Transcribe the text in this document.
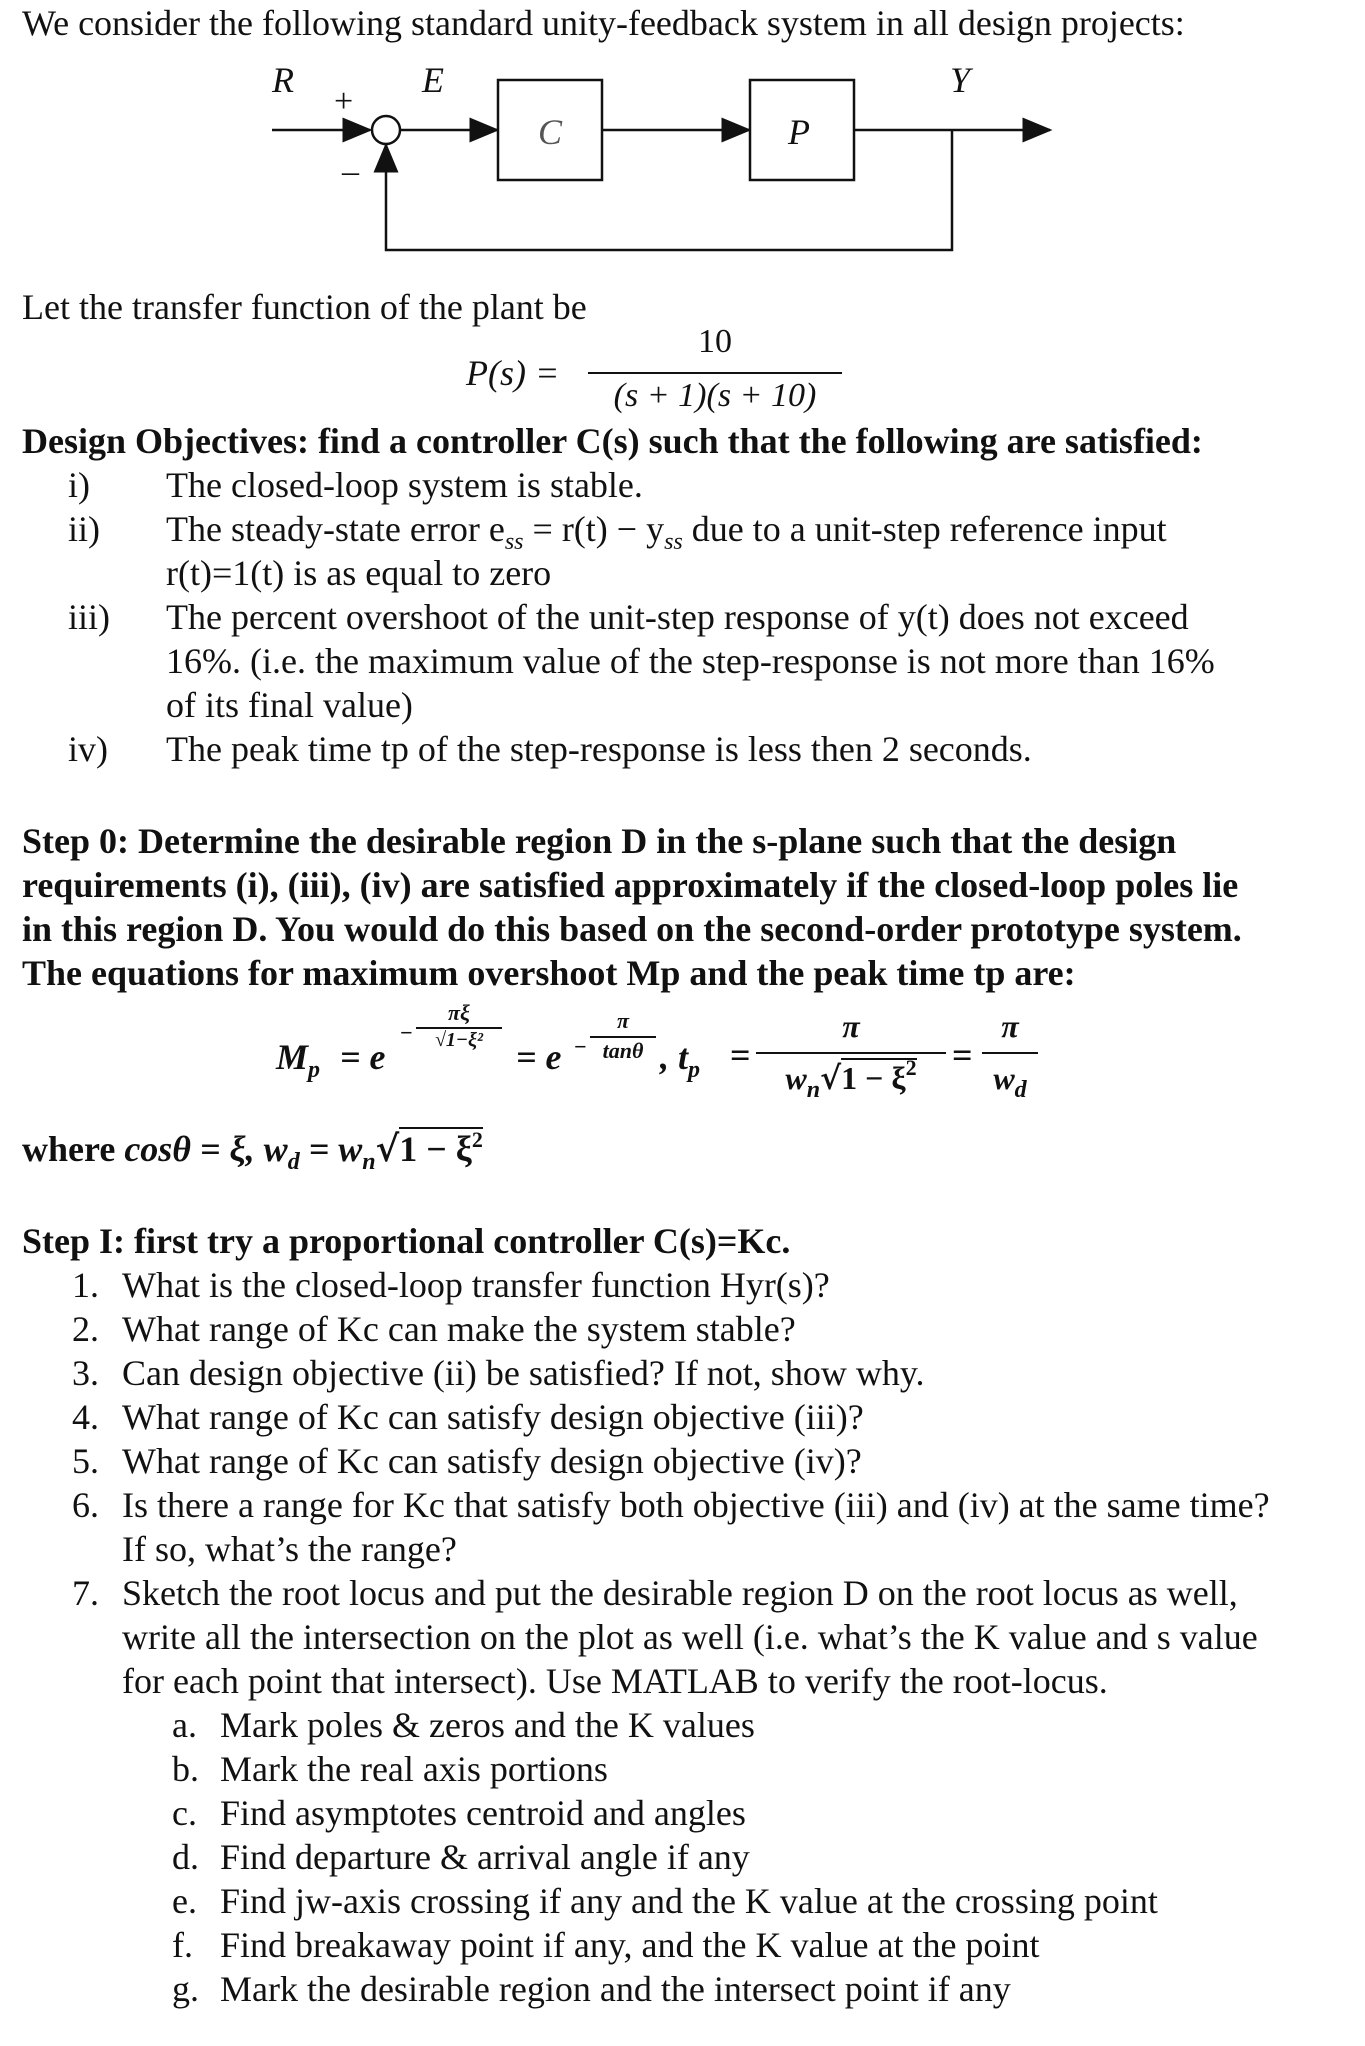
We consider the following standard unity-feedback system in all design projects:
R	E	Y
+
–
C	P
Let the transfer function of the plant be
P(s) =
10
(s + 1)(s + 10)
Design Objectives: find a controller C(s) such that the following are satisfied:
i) The closed-loop system is stable.
ii) The steady-state error $e_{ss} = r(t) - y_{ss}$ due to a unit-step reference input
r(t)=1(t) is as equal to zero
iii) The percent overshoot of the unit-step response of y(t) does not exceed
16%. (i.e. the maximum value of the step-response is not more than 16%
of its final value)
iv) The peak time tp of the step-response is less then 2 seconds.
Step 0: Determine the desirable region D in the s-plane such that the design
requirements (i), (iii), (iv) are satisfied approximately if the closed-loop poles lie
in this region D. You would do this based on the second-order prototype system.
The equations for maximum overshoot Mp and the peak time tp are:
$M_p = e$
−
πξ
√1−ξ² = e −
π
tanθ , $t_p$ =
π
$w_n√1 - \xi^2$ =
π
$w_d$
where cosθ = ξ, $w_d = w_n√1 - \xi^2$
Step I: first try a proportional controller C(s)=Kc.
1. What is the closed-loop transfer function Hyr(s)?
2. What range of Kc can make the system stable?
3. Can design objective (ii) be satisfied? If not, show why.
4. What range of Kc can satisfy design objective (iii)?
5. What range of Kc can satisfy design objective (iv)?
6. Is there a range for Kc that satisfy both objective (iii) and (iv) at the same time?
If so, what’s the range?
7. Sketch the root locus and put the desirable region D on the root locus as well,
write all the intersection on the plot as well (i.e. what’s the K value and s value
for each point that intersect). Use MATLAB to verify the root-locus.
a. Mark poles & zeros and the K values
b. Mark the real axis portions
c. Find asymptotes centroid and angles
d. Find departure & arrival angle if any
e. Find jw-axis crossing if any and the K value at the crossing point
f. Find breakaway point if any, and the K value at the point
g. Mark the desirable region and the intersect point if any
